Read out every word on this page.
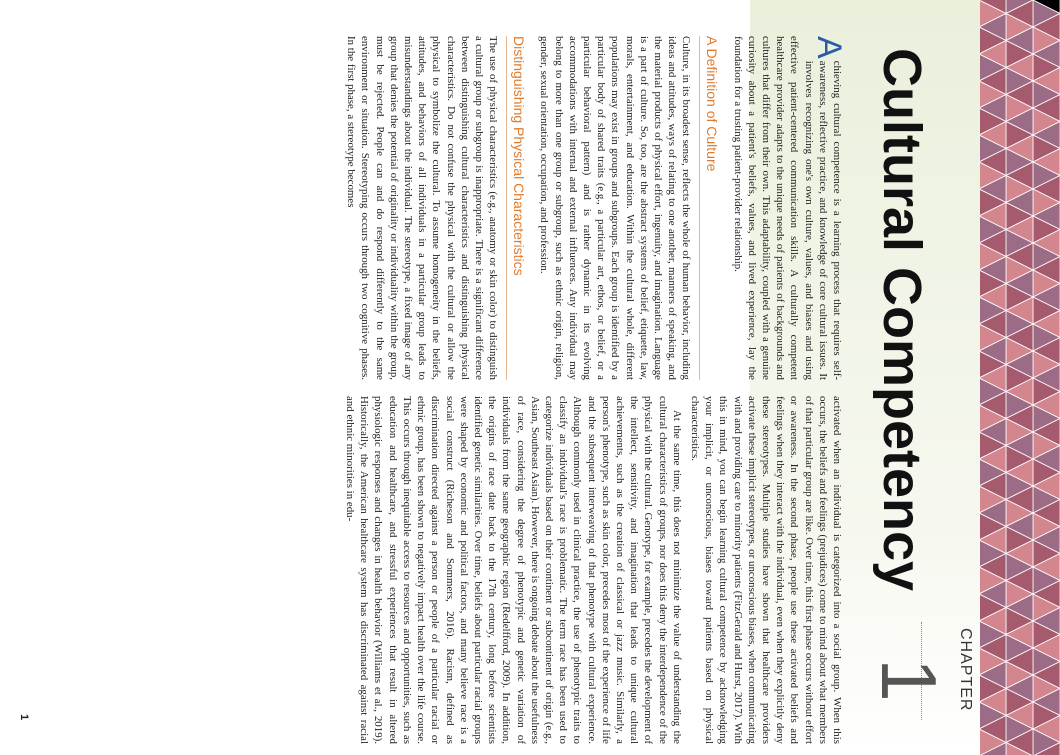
CHAPTER
1
Cultural Competency

A
chieving cultural competence is a learning process that requires self-awareness, reflective practice, and knowledge of core cultural issues. It involves recognizing one's own culture, values, and biases and using effective patient-centered communication skills. A culturally competent healthcare provider adapts to the unique needs of patients of backgrounds and cultures that differ from their own. This adaptability, coupled with a genuine curiosity about a patient's beliefs, values, and lived experience, lay the foundation for a trusting patient-provider relationship.

A Definition of Culture

Culture, in its broadest sense, reflects the whole of human behavior, including ideas and attitudes, ways of relating to one another, manners of speaking, and the material products of physical effort, ingenuity, and imagination. Language is a part of culture. So, too, are the abstract systems of belief, etiquette, law, morals, entertainment, and education. Within the cultural whole, different populations may exist in groups and subgroups. Each group is identified by a particular body of shared traits (e.g., a particular art, ethos, or belief, or a particular behavioral pattern) and is rather dynamic in its evolving accommodations with internal and external influences. Any individual may belong to more than one group or subgroup, such as ethnic origin, religion, gender, sexual orientation, occupation, and profession.

Distinguishing Physical Characteristics

The use of physical characteristics (e.g., anatomy or skin color) to distinguish a cultural group or subgroup is inappropriate. There is a significant difference between distinguishing cultural characteristics and distinguishing physical characteristics. Do not confuse the physical with the cultural or allow the physical to symbolize the cultural. To assume homogeneity in the beliefs, attitudes, and behaviors of all individuals in a particular group leads to misunderstandings about the individual. The stereotype, a fixed image of any group that denies the potential of originality or individuality within the group, must be rejected. People can and do respond differently to the same environment or situation. Stereotyping occurs through two cognitive phases. In the first phase, a stereotype becomes

activated when an individual is categorized into a social group. When this occurs, the beliefs and feelings (prejudices) come to mind about what members of that particular group are like. Over time, this first phase occurs without effort or awareness. In the second phase, people use these activated beliefs and feelings when they interact with the individual, even when they explicitly deny these stereotypes. Multiple studies have shown that healthcare providers activate these implicit stereotypes, or unconscious biases, when communicating with and providing care to minority patients (FitzGerald and Hurst, 2017). With this in mind, you can begin learning cultural competence by acknowledging your implicit, or unconscious, biases toward patients based on physical characteristics.

At the same time, this does not minimize the value of understanding the cultural characteristics of groups, nor does this deny the interdependence of the physical with the cultural. Genotype, for example, precedes the development of the intellect, sensitivity, and imagination that leads to unique cultural achievements, such as the creation of classical or jazz music. Similarly, a person's phenotype, such as skin color, precedes most of the experience of life and the subsequent interweaving of that phenotype with cultural experience. Although commonly used in clinical practice, the use of phenotypic traits to classify an individual's race is problematic. The term race has been used to categorize individuals based on their continent or subcontinent of origin (e.g., Asian, Southeast Asian). However, there is ongoing debate about the usefulness of race, considering the degree of phenotypic and genetic variation of individuals from the same geographic region (Redelfford, 2009). In addition, the origins of race date back to the 17th century, long before scientists identified genetic similarities. Over time, beliefs about particular racial groups were shaped by economic and political factors, and many believe race is a social construct (Richeson and Sommers, 2016). Racism, defined as discrimination directed against a person or people of a particular racial or ethnic group, has been shown to negatively impact health over the life course. This occurs through inequitable access to resources and opportunities, such as education and healthcare, and stressful experiences that result in altered physiologic responses and changes in health behavior (Williams et al., 2019). Historically, the American healthcare system has discriminated against racial and ethnic minorities in edu-

1
